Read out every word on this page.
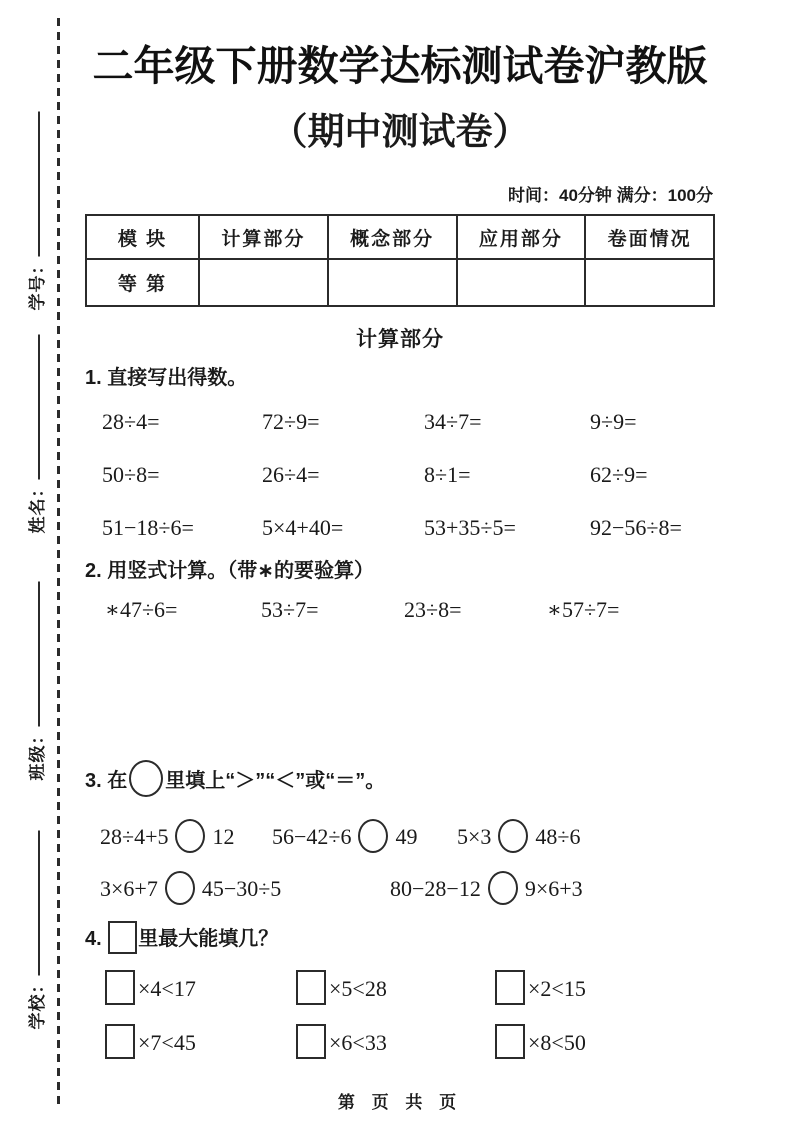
学号：
姓名：
班级：
学校：
二年级下册数学达标测试卷沪教版
（期中测试卷）
时间：40分钟 满分：100分
模 块	计算部分	概念部分	应用部分	卷面情况
等 第				
计算部分
1. 直接写出得数。
28÷4=	72÷9=	34÷7=	9÷9=
50÷8=	26÷4=	8÷1=	62÷9=
51−18÷6=	5×4+40=	53+35÷5=	92−56÷8=
2. 用竖式计算。（带∗的要验算）
∗47÷6=	53÷7=	23÷8=	∗57÷7=
3. 在 里填上“＞”“＜”或“＝”。
28÷4+5 12	56−42÷6 49	5×3 48÷6
3×6+7 45−30÷5	80−28−12 9×6+3
4. 里最大能填几？
×4<17	×5<28	×2<15
×7<45	×6<33	×8<50
第 页 共 页
